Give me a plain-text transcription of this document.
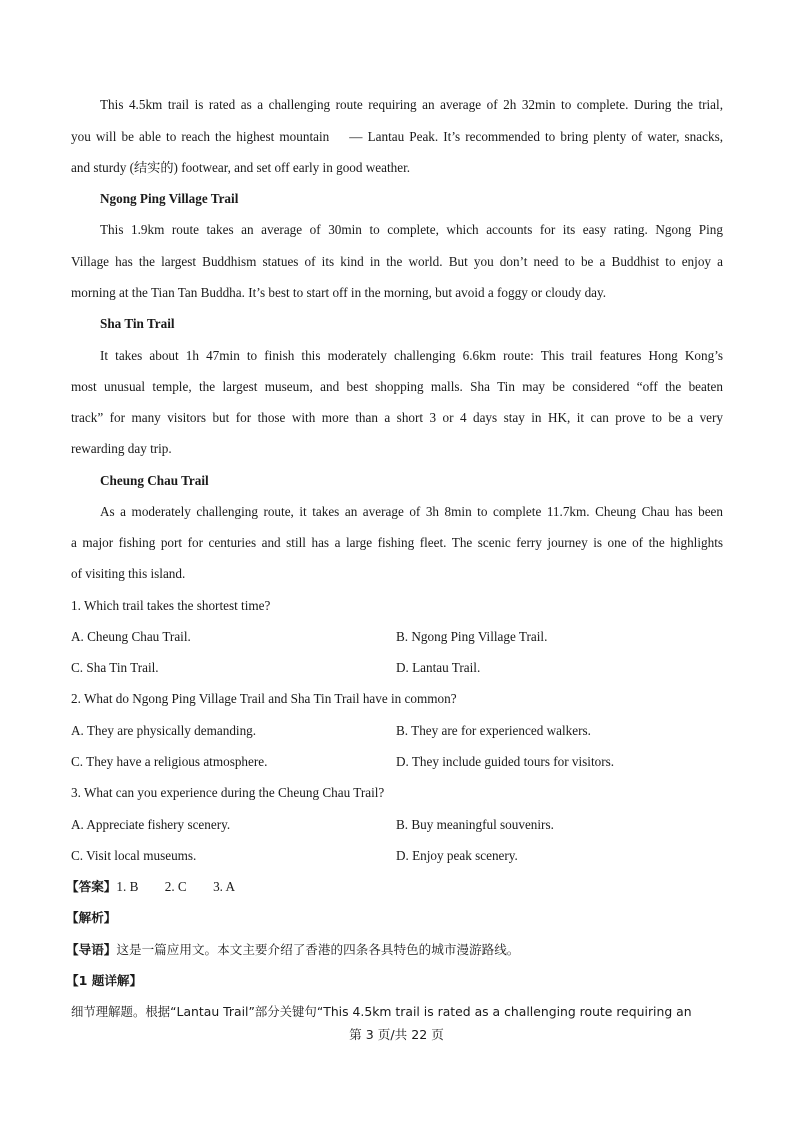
This 4.5km trail is rated as a challenging route requiring an average of 2h 32min to complete. During the trial,
you will be able to reach the highest mountain 　— Lantau Peak. It’s recommended to bring plenty of water, snacks,
and sturdy (结实的) footwear, and set off early in good weather.
Ngong Ping Village Trail
This 1.9km route takes an average of 30min to complete, which accounts for its easy rating. Ngong Ping
Village has the largest Buddhism statues of its kind in the world. But you don’t need to be a Buddhist to enjoy a
morning at the Tian Tan Buddha. It’s best to start off in the morning, but avoid a foggy or cloudy day.
Sha Tin Trail
It takes about 1h 47min to finish this moderately challenging 6.6km route: This trail features Hong Kong’s
most unusual temple, the largest museum, and best shopping malls. Sha Tin may be considered “off the beaten
track” for many visitors but for those with more than a short 3 or 4 days stay in HK, it can prove to be a very
rewarding day trip.
Cheung Chau Trail
As a moderately challenging route, it takes an average of 3h 8min to complete 11.7km. Cheung Chau has been
a major fishing port for centuries and still has a large fishing fleet. The scenic ferry journey is one of the highlights
of visiting this island.
1. Which trail takes the shortest time?
A. Cheung Chau Trail.	B. Ngong Ping Village Trail.
C. Sha Tin Trail.	D. Lantau Trail.
2. What do Ngong Ping Village Trail and Sha Tin Trail have in common?
A. They are physically demanding.	B. They are for experienced walkers.
C. They have a religious atmosphere.	D. They include guided tours for visitors.
3. What can you experience during the Cheung Chau Trail?
A. Appreciate fishery scenery.	B. Buy meaningful souvenirs.
C. Visit local museums.	D. Enjoy peak scenery.
【答案】1. B        2. C        3. A
【解析】
【导语】这是一篇应用文。本文主要介绍了香港的四条各具特色的城市漫游路线。
【1 题详解】
细节理解题。根据“Lantau Trail”部分关键句“This 4.5km trail is rated as a challenging route requiring an
第 3 页/共 22 页
